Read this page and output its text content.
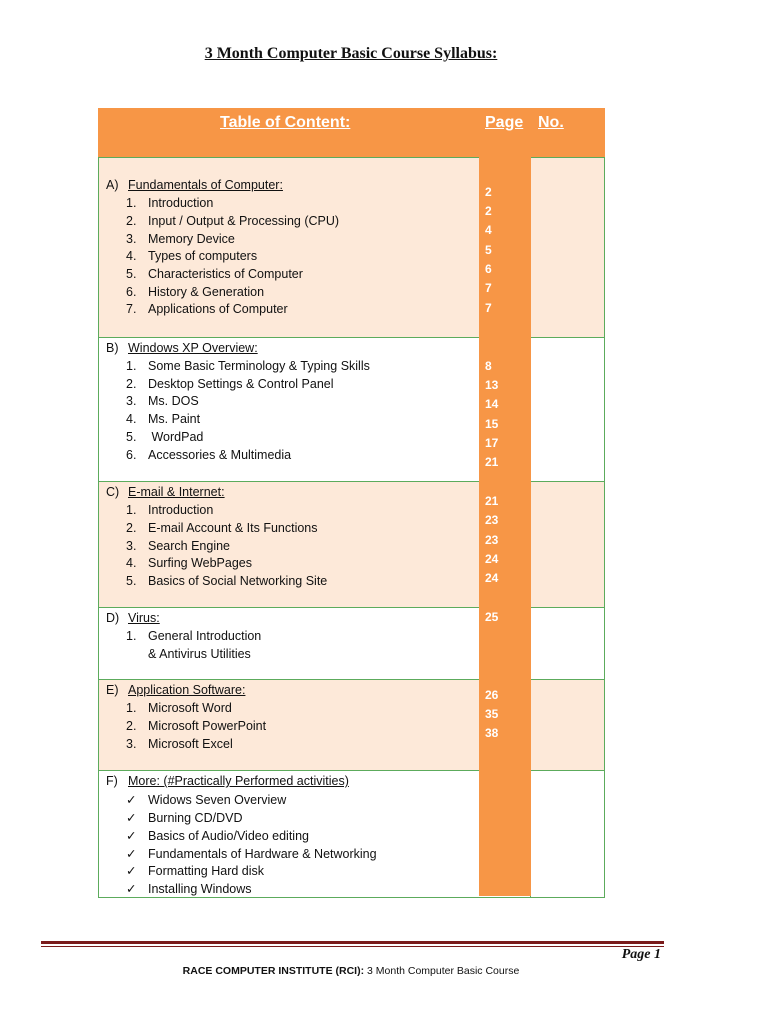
3 Month Computer Basic Course Syllabus:
Table of Content:	Page No.
A) Fundamentals of Computer:
1. Introduction
2. Input / Output & Processing (CPU)
3. Memory Device
4. Types of computers
5. Characteristics of Computer
6. History & Generation
7. Applications of Computer
B) Windows XP Overview:
1. Some Basic Terminology & Typing Skills
2. Desktop Settings & Control Panel
3. Ms. DOS
4. Ms. Paint
5. WordPad
6. Accessories & Multimedia
C) E-mail & Internet:
1. Introduction
2. E-mail Account & Its Functions
3. Search Engine
4. Surfing WebPages
5. Basics of Social Networking Site
D) Virus:
1. General Introduction
& Antivirus Utilities
E) Application Software:
1. Microsoft Word
2. Microsoft PowerPoint
3. Microsoft Excel
F) More: (#Practically Performed activities)
✓ Widows Seven Overview
✓ Burning CD/DVD
✓ Basics of Audio/Video editing
✓ Fundamentals of Hardware & Networking
✓ Formatting Hard disk
✓ Installing Windows
2
2
4
5
6
7
7
8
13
14
15
17
21
21
23
23
24
24
25
26
35
38
Page 1
RACE COMPUTER INSTITUTE (RCI): 3 Month Computer Basic Course
